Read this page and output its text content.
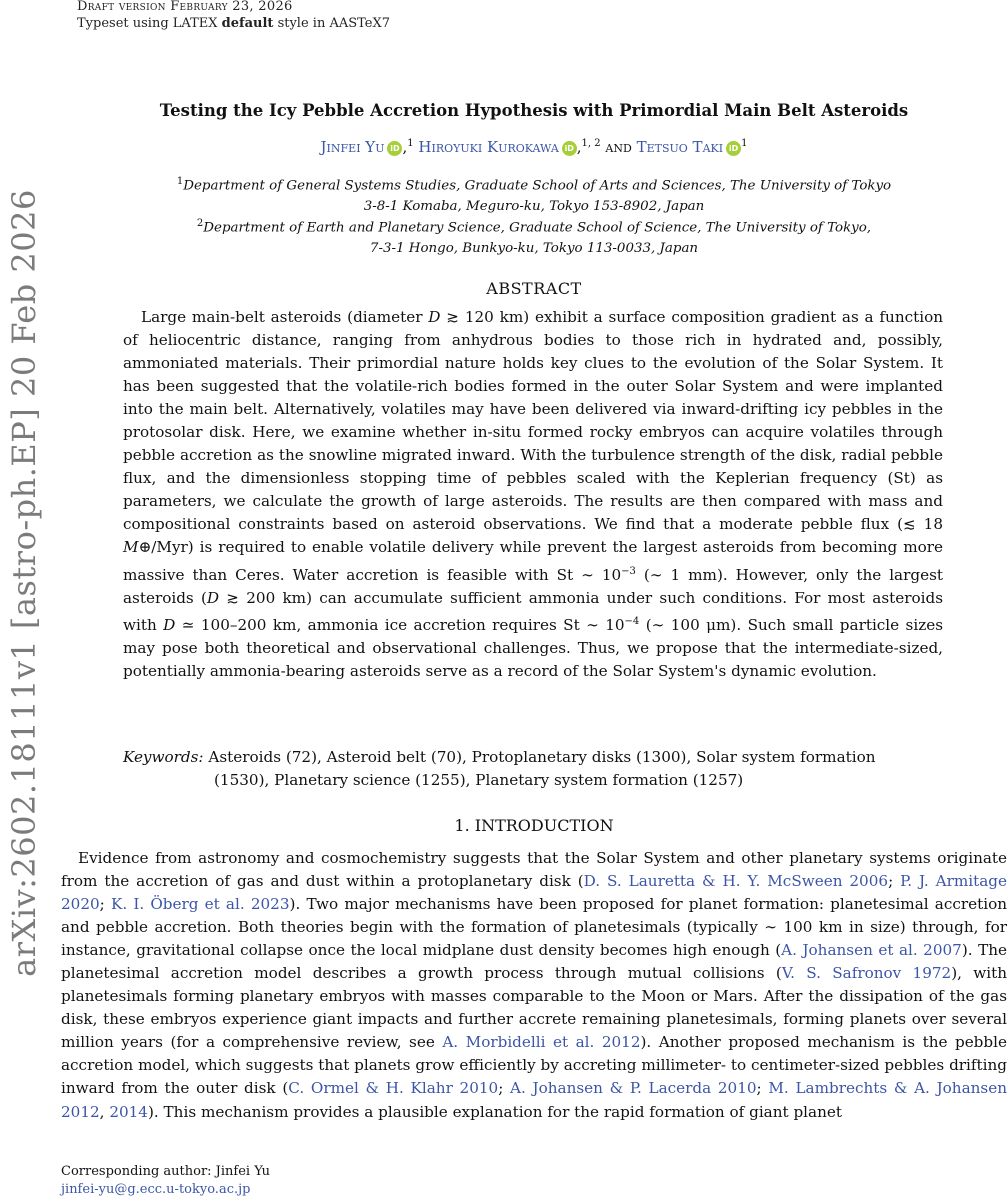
Draft version February 23, 2026
Typeset using LATEX default style in AASTeX7
arXiv:2602.18111v1 [astro-ph.EP] 20 Feb 2026
Testing the Icy Pebble Accretion Hypothesis with Primordial Main Belt Asteroids
Jinfei Yu iD ,$^1$ Hiroyuki Kurokawa iD ,$^{1, 2}$ and Tetsuo Taki iD $^1$
$^1$Department of General Systems Studies, Graduate School of Arts and Sciences, The University of Tokyo
3-8-1 Komaba, Meguro-ku, Tokyo 153-8902, Japan
$^2$Department of Earth and Planetary Science, Graduate School of Science, The University of Tokyo,
7-3-1 Hongo, Bunkyo-ku, Tokyo 113-0033, Japan
ABSTRACT
Large main-belt asteroids (diameter D ≳ 120 km) exhibit a surface composition gradient as a function of heliocentric distance, ranging from anhydrous bodies to those rich in hydrated and, possibly, ammoniated materials. Their primordial nature holds key clues to the evolution of the Solar System. It has been suggested that the volatile-rich bodies formed in the outer Solar System and were implanted into the main belt. Alternatively, volatiles may have been delivered via inward-drifting icy pebbles in the protosolar disk. Here, we examine whether in-situ formed rocky embryos can acquire volatiles through pebble accretion as the snowline migrated inward. With the turbulence strength of the disk, radial pebble flux, and the dimensionless stopping time of pebbles scaled with the Keplerian frequency (St) as parameters, we calculate the growth of large asteroids. The results are then compared with mass and compositional constraints based on asteroid observations. We find that a moderate pebble flux (≲ 18 M⊕/Myr) is required to enable volatile delivery while prevent the largest asteroids from becoming more massive than Ceres. Water accretion is feasible with St ∼ $10^{-3}$ (∼ 1 mm). However, only the largest asteroids (D ≳ 200 km) can accumulate sufficient ammonia under such conditions. For most asteroids with D ≃ 100–200 km, ammonia ice accretion requires St ∼ $10^{-4}$ (∼ 100 μm). Such small particle sizes may pose both theoretical and observational challenges. Thus, we propose that the intermediate-sized, potentially ammonia-bearing asteroids serve as a record of the Solar System's dynamic evolution.
Keywords: Asteroids (72), Asteroid belt (70), Protoplanetary disks (1300), Solar system formation
(1530), Planetary science (1255), Planetary system formation (1257)
1. INTRODUCTION
Evidence from astronomy and cosmochemistry suggests that the Solar System and other planetary systems originate from the accretion of gas and dust within a protoplanetary disk (D. S. Lauretta & H. Y. McSween 2006; P. J. Armitage 2020; K. I. Öberg et al. 2023). Two major mechanisms have been proposed for planet formation: planetesimal accretion and pebble accretion. Both theories begin with the formation of planetesimals (typically ∼ 100 km in size) through, for instance, gravitational collapse once the local midplane dust density becomes high enough (A. Johansen et al. 2007). The planetesimal accretion model describes a growth process through mutual collisions (V. S. Safronov 1972), with planetesimals forming planetary embryos with masses comparable to the Moon or Mars. After the dissipation of the gas disk, these embryos experience giant impacts and further accrete remaining planetesimals, forming planets over several million years (for a comprehensive review, see A. Morbidelli et al. 2012). Another proposed mechanism is the pebble accretion model, which suggests that planets grow efficiently by accreting millimeter- to centimeter-sized pebbles drifting inward from the outer disk (C. Ormel & H. Klahr 2010; A. Johansen & P. Lacerda 2010; M. Lambrechts & A. Johansen 2012, 2014). This mechanism provides a plausible explanation for the rapid formation of giant planet
Corresponding author: Jinfei Yu
jinfei-yu@g.ecc.u-tokyo.ac.jp
